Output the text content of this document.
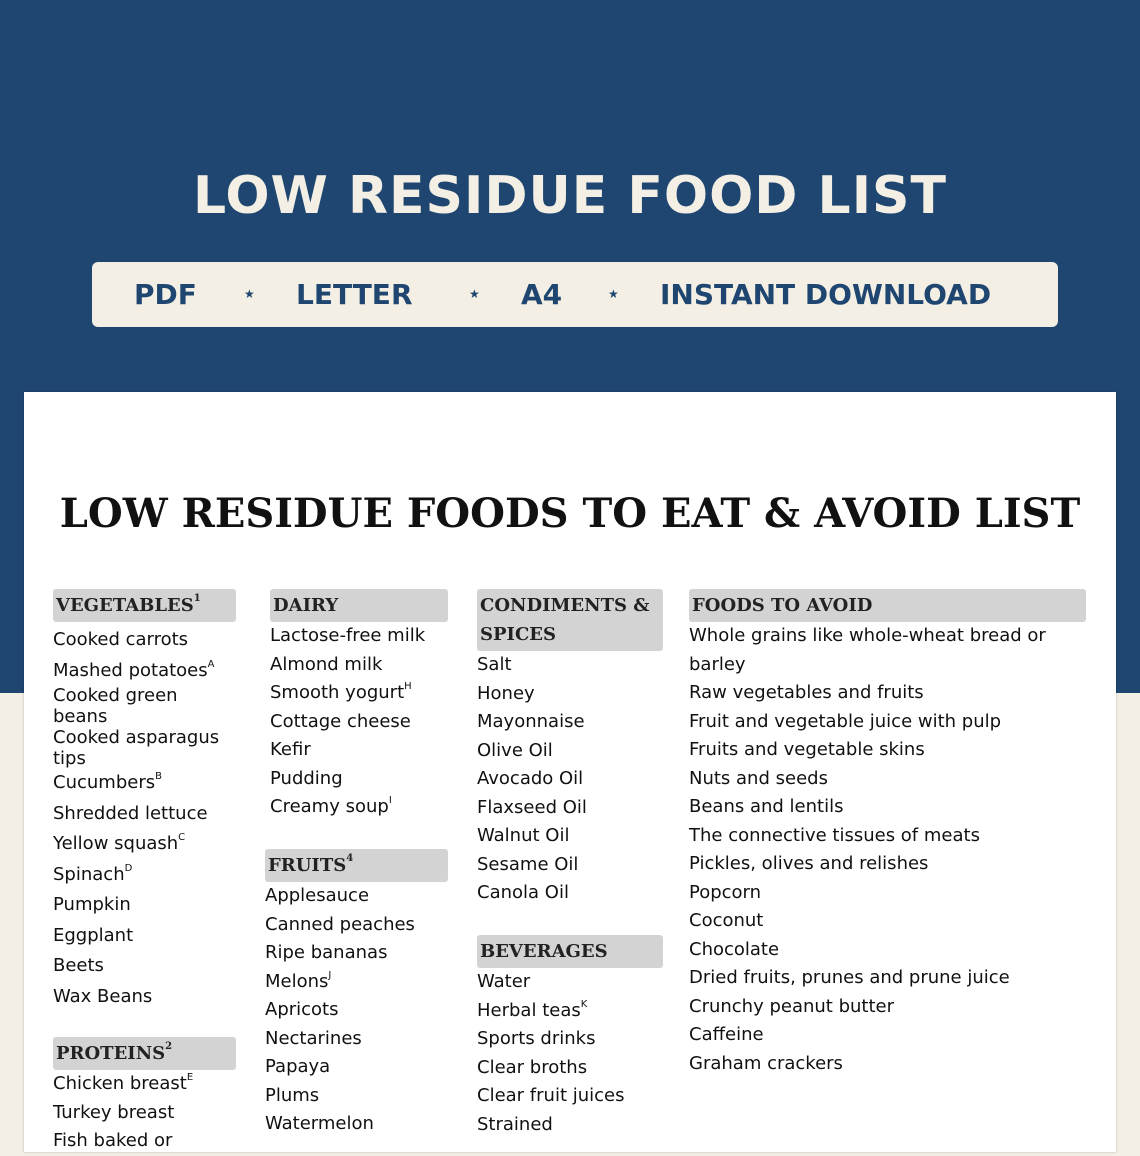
LOW RESIDUE FOOD LIST
PDF	★ LETTER	★ A4	★ INSTANT DOWNLOAD
LOW RESIDUE FOODS TO EAT & AVOID LIST
VEGETABLES$^1$
Cooked carrots
Mashed potatoes$^A$
Cooked green beans
Cooked asparagus tips
Cucumbers$^B$
Shredded lettuce
Yellow squash$^C$
Spinach$^D$
Pumpkin
Eggplant
Beets
Wax Beans
PROTEINS$^2$
Chicken breast$^E$
Turkey breast
Fish baked or
DAIRY
Lactose-free milk
Almond milk
Smooth yogurt$^H$
Cottage cheese
Kefir
Pudding
Creamy soup$^I$
FRUITS$^4$
Applesauce
Canned peaches
Ripe bananas
Melons$^J$
Apricots
Nectarines
Papaya
Plums
Watermelon
CONDIMENTS & SPICES
Salt
Honey
Mayonnaise
Olive Oil
Avocado Oil
Flaxseed Oil
Walnut Oil
Sesame Oil
Canola Oil
BEVERAGES
Water
Herbal teas$^K$
Sports drinks
Clear broths
Clear fruit juices
Strained
FOODS TO AVOID
Whole grains like whole-wheat bread or
barley
Raw vegetables and fruits
Fruit and vegetable juice with pulp
Fruits and vegetable skins
Nuts and seeds
Beans and lentils
The connective tissues of meats
Pickles, olives and relishes
Popcorn
Coconut
Chocolate
Dried fruits, prunes and prune juice
Crunchy peanut butter
Caffeine
Graham crackers
